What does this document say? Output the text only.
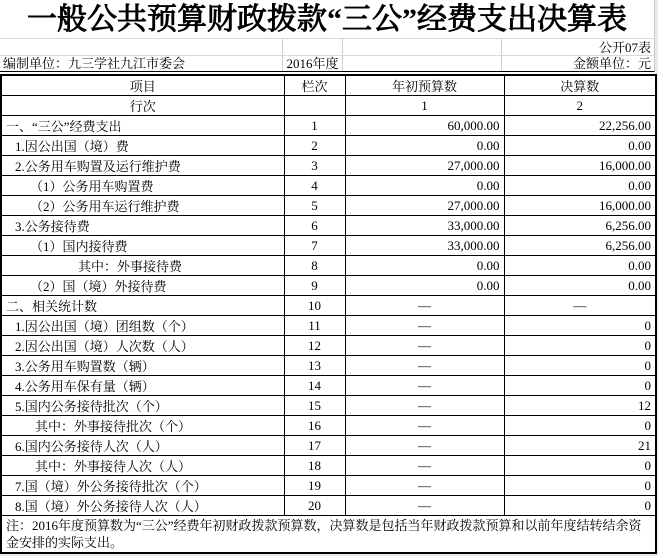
一般公共预算财政拨款“三公”经费支出决算表
公开07表
编制单位：九三学社九江市委会	2016年度	金额单位：元
项目	栏次	年初预算数	决算数
行次		1	2
一、“三公”经费支出	1	60,000.00	22,256.00
1.因公出国（境）费	2	0.00	0.00
2.公务用车购置及运行维护费	3	27,000.00	16,000.00
（1）公务用车购置费	4	0.00	0.00
（2）公务用车运行维护费	5	27,000.00	16,000.00
3.公务接待费	6	33,000.00	6,256.00
（1）国内接待费	7	33,000.00	6,256.00
其中：外事接待费	8	0.00	0.00
（2）国（境）外接待费	9	0.00	0.00
二、相关统计数	10	—	—
1.因公出国（境）团组数（个）	11	—	0
2.因公出国（境）人次数（人）	12	—	0
3.公务用车购置数（辆）	13	—	0
4.公务用车保有量（辆）	14	—	0
5.国内公务接待批次（个）	15	—	12
其中：外事接待批次（个）	16	—	0
6.国内公务接待人次（人）	17	—	21
其中：外事接待人次（人）	18	—	0
7.国（境）外公务接待批次（个）	19	—	0
8.国（境）外公务接待人次（人）	20	—	0
注：2016年度预算数为“三公”经费年初财政拨款预算数，决算数是包括当年财政拨款预算和以前年度结转结余资金安排的实际支出。			
